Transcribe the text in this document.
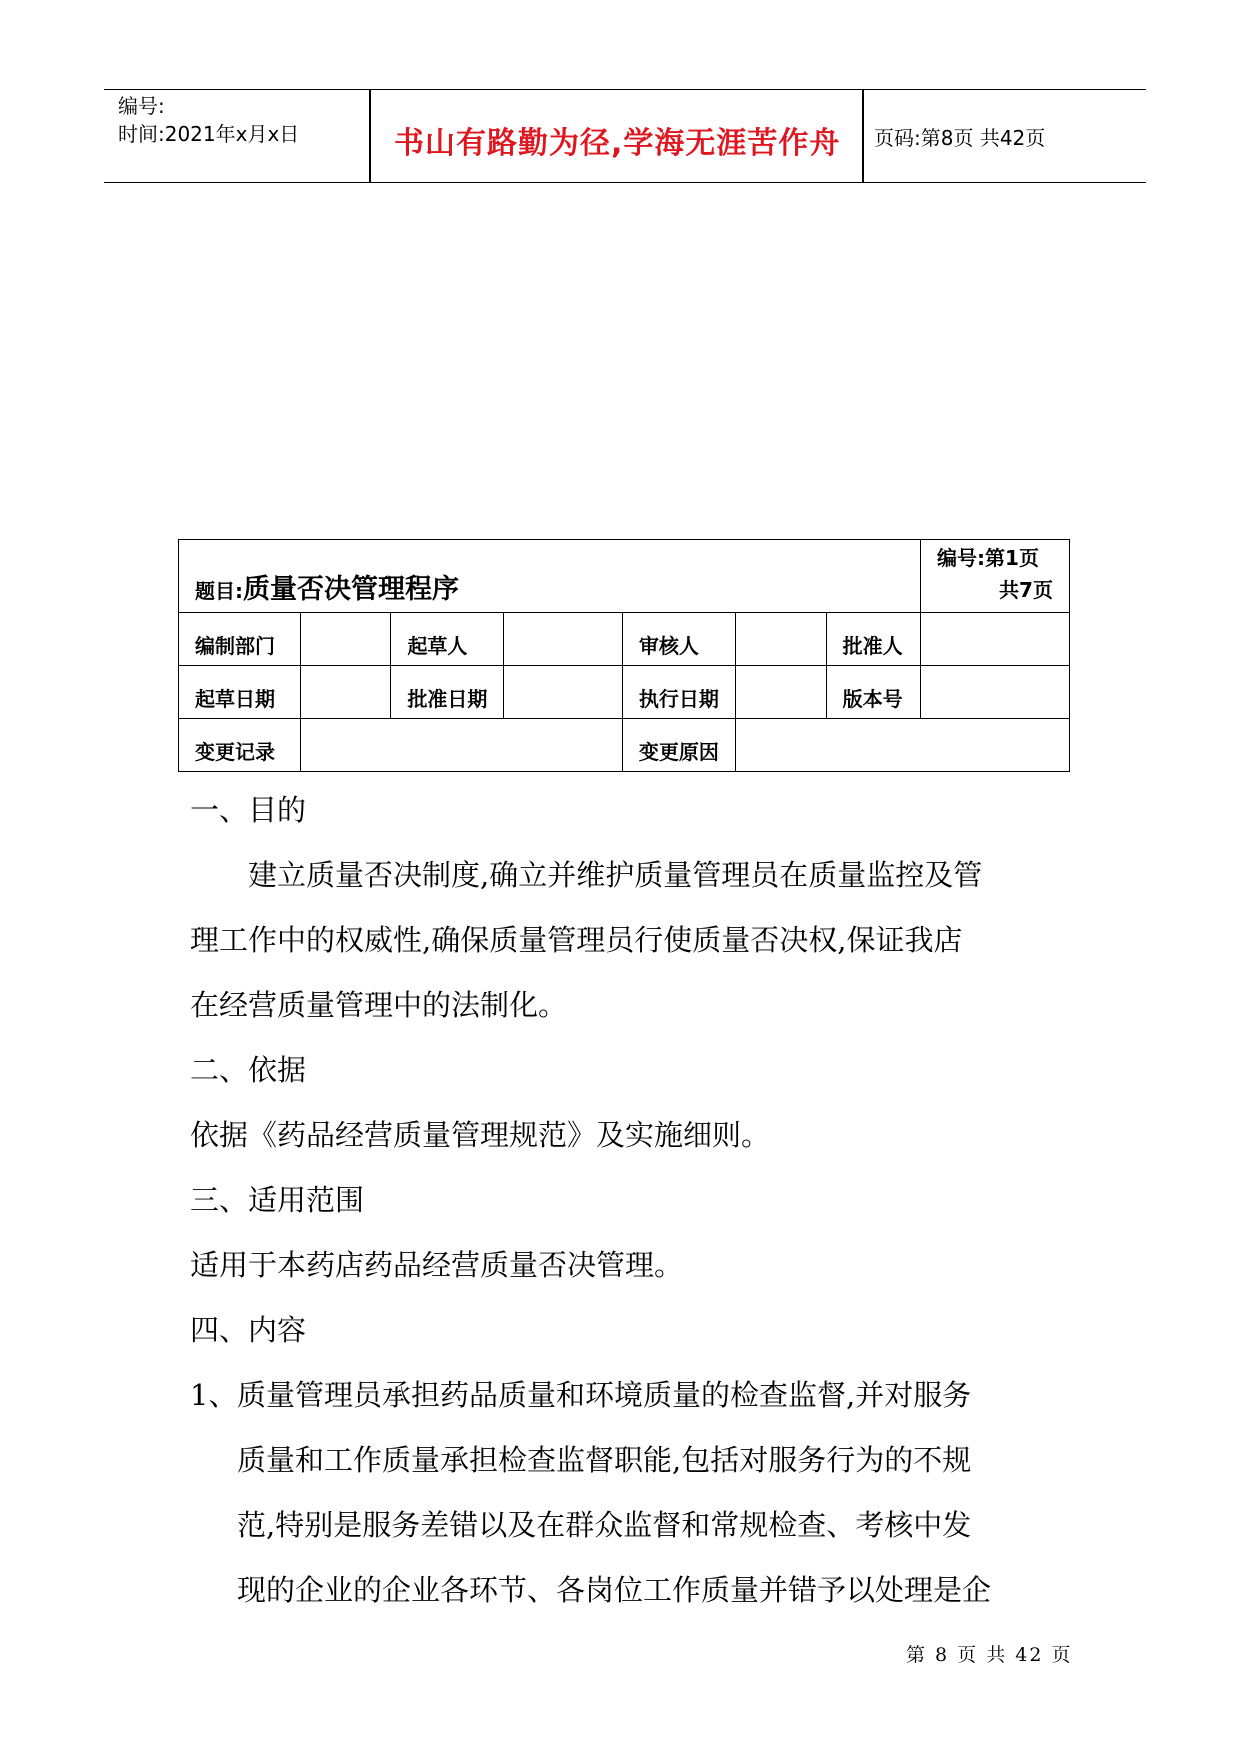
编号:
时间:2021年x月x日	书山有路勤为径,学海无涯苦作舟 页码:第8页 共42页
题目:质量否决管理程序							编号:第1页
共7页

编制部门		起草人		审核人		批准人	
起草日期		批准日期		执行日期		版本号	
变更记录				变更原因			

一、目的

建立质量否决制度,确立并维护质量管理员在质量监控及管

理工作中的权威性,确保质量管理员行使质量否决权,保证我店

在经营质量管理中的法制化。

二、依据

依据《药品经营质量管理规范》及实施细则。

三、适用范围

适用于本药店药品经营质量否决管理。

四、内容

1、 质量管理员承担药品质量和环境质量的检查监督,并对服务

质量和工作质量承担检查监督职能,包括对服务行为的不规

范,特别是服务差错以及在群众监督和常规检查、考核中发

现的企业的企业各环节、各岗位工作质量并错予以处理是企

第 8 页 共 42 页
